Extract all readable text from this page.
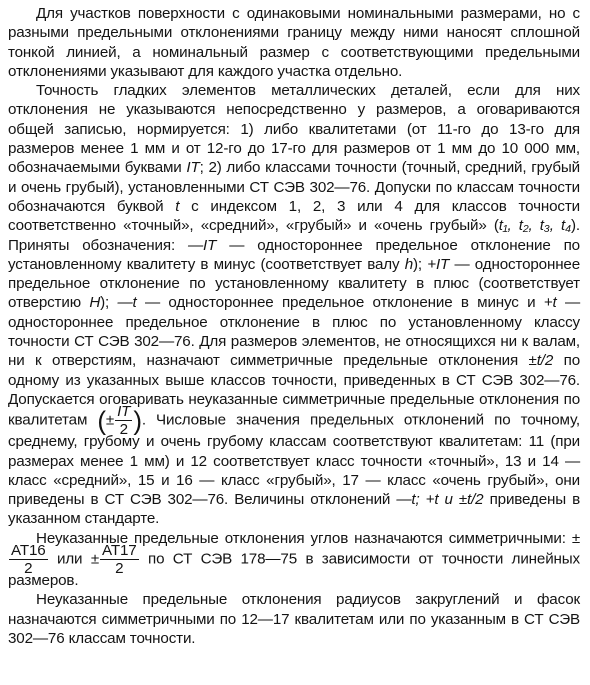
Для участков поверхности с одинаковыми номинальными размерами, но с разными предельными отклонениями границу между ними наносят сплошной тонкой линией, а номинальный размер с соответствующими предельными отклонениями указывают для каждого участка отдельно.

Точность гладких элементов металлических деталей, если для них отклонения не указываются непосредственно у размеров, а оговариваются общей записью, нормируется: 1) либо квалитетами (от 11-го до 13-го для размеров менее 1 мм и от 12-го до 17-го для размеров от 1 мм до 10 000 мм, обозначаемыми буквами IT; 2) либо классами точности (точный, средний, грубый и очень грубый), установленными СТ СЭВ 302—76. Допуски по классам точности обозначаются буквой t с индексом 1, 2, 3 или 4 для классов точности соответственно «точный», «средний», «грубый» и «очень грубый» (t₁, t₂, t₃, t₄). Приняты обозначения: —IT — одностороннее предельное отклонение по установленному квалитету в минус (соответствует валу h); +IT — одностороннее предельное отклонение по установленному квалитету в плюс (соответствует отверстию H); —t — одностороннее предельное отклонение в минус и +t — одностороннее предельное отклонение в плюс по установленному классу точности СТ СЭВ 302—76. Для размеров элементов, не относящихся ни к валам, ни к отверстиям, назначают симметричные предельные отклонения ±t/2 по одному из указанных выше классов точности, приведенных в СТ СЭВ 302—76. Допускается оговаривать неуказанные симметричные предельные отклонения по квалитетам (± $\frac{IT}{2}$ ). Числовые значения предельных отклонений по точному, среднему, грубому и очень грубому классам соответствуют квалитетам: 11 (при размерах менее 1 мм) и 12 соответствует класс точности «точный», 13 и 14 — класс «средний», 15 и 16 — класс «грубый», 17 — класс «очень грубый», они приведены в СТ СЭВ 302—76. Величины отклонений —t; +t и ±t/2 приведены в указанном стандарте.

Неуказанные предельные отклонения углов назначаются симметричными: ±
$\frac{AT16}{2}$ или ± $\frac{AT17}{2}$ по СТ СЭВ 178—75 в зависимости от точности линейных размеров.

Неуказанные предельные отклонения радиусов закруглений и фасок назначаются симметричными по 12—17 квалитетам или по указанным в СТ СЭВ 302—76 классам точности.
